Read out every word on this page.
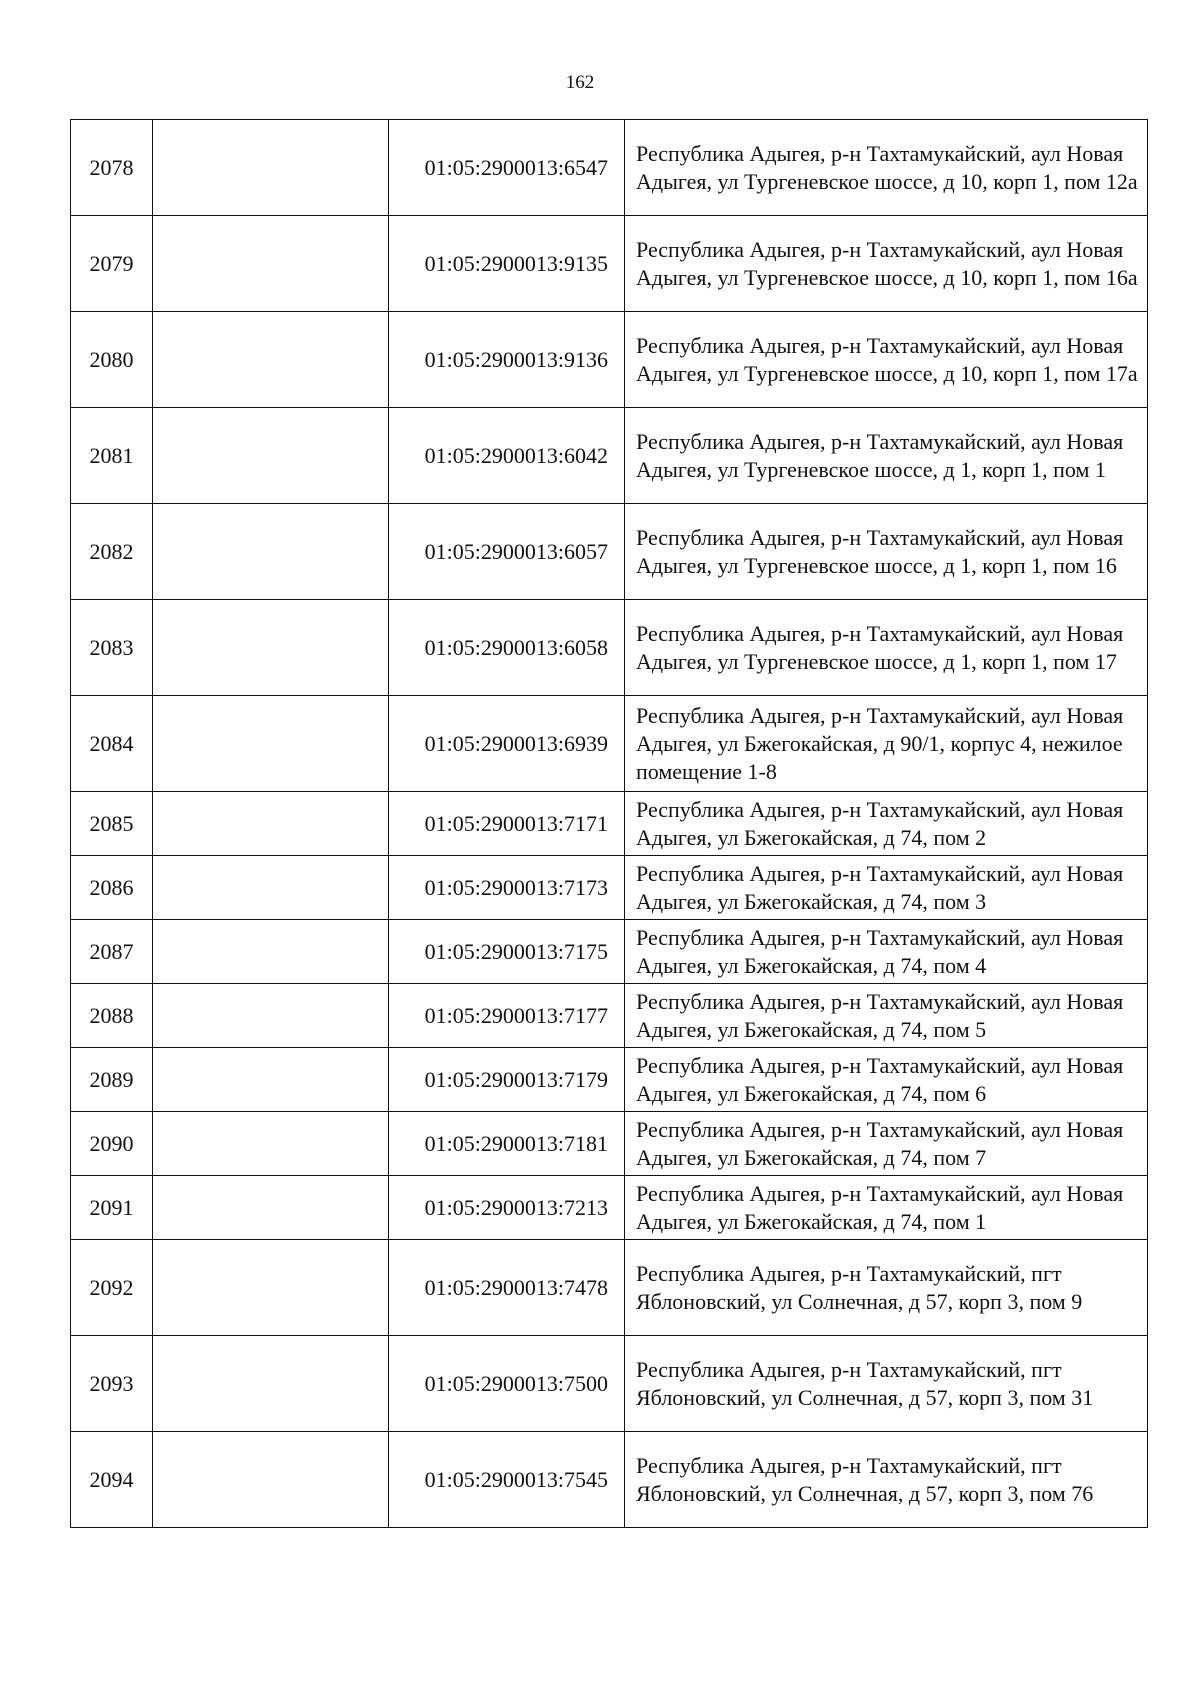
162
2078		01:05:2900013:6547	Республика Адыгея, р-н Тахтамукайский, аул Новая Адыгея, ул Тургеневское шоссе, д 10, корп 1, пом 12а
2079		01:05:2900013:9135	Республика Адыгея, р-н Тахтамукайский, аул Новая Адыгея, ул Тургеневское шоссе, д 10, корп 1, пом 16а
2080		01:05:2900013:9136	Республика Адыгея, р-н Тахтамукайский, аул Новая Адыгея, ул Тургеневское шоссе, д 10, корп 1, пом 17а
2081		01:05:2900013:6042	Республика Адыгея, р-н Тахтамукайский, аул Новая Адыгея, ул Тургеневское шоссе, д 1, корп 1, пом 1
2082		01:05:2900013:6057	Республика Адыгея, р-н Тахтамукайский, аул Новая Адыгея, ул Тургеневское шоссе, д 1, корп 1, пом 16
2083		01:05:2900013:6058	Республика Адыгея, р-н Тахтамукайский, аул Новая Адыгея, ул Тургеневское шоссе, д 1, корп 1, пом 17
2084		01:05:2900013:6939	Республика Адыгея, р-н Тахтамукайский, аул Новая Адыгея, ул Бжегокайская, д 90/1, корпус 4, нежилое помещение 1-8
2085		01:05:2900013:7171	Республика Адыгея, р-н Тахтамукайский, аул Новая Адыгея, ул Бжегокайская, д 74, пом 2
2086		01:05:2900013:7173	Республика Адыгея, р-н Тахтамукайский, аул Новая Адыгея, ул Бжегокайская, д 74, пом 3
2087		01:05:2900013:7175	Республика Адыгея, р-н Тахтамукайский, аул Новая Адыгея, ул Бжегокайская, д 74, пом 4
2088		01:05:2900013:7177	Республика Адыгея, р-н Тахтамукайский, аул Новая Адыгея, ул Бжегокайская, д 74, пом 5
2089		01:05:2900013:7179	Республика Адыгея, р-н Тахтамукайский, аул Новая Адыгея, ул Бжегокайская, д 74, пом 6
2090		01:05:2900013:7181	Республика Адыгея, р-н Тахтамукайский, аул Новая Адыгея, ул Бжегокайская, д 74, пом 7
2091		01:05:2900013:7213	Республика Адыгея, р-н Тахтамукайский, аул Новая Адыгея, ул Бжегокайская, д 74, пом 1
2092		01:05:2900013:7478	Республика Адыгея, р-н Тахтамукайский, пгт Яблоновский, ул Солнечная, д 57, корп 3, пом 9
2093		01:05:2900013:7500	Республика Адыгея, р-н Тахтамукайский, пгт Яблоновский, ул Солнечная, д 57, корп 3, пом 31
2094		01:05:2900013:7545	Республика Адыгея, р-н Тахтамукайский, пгт Яблоновский, ул Солнечная, д 57, корп 3, пом 76
